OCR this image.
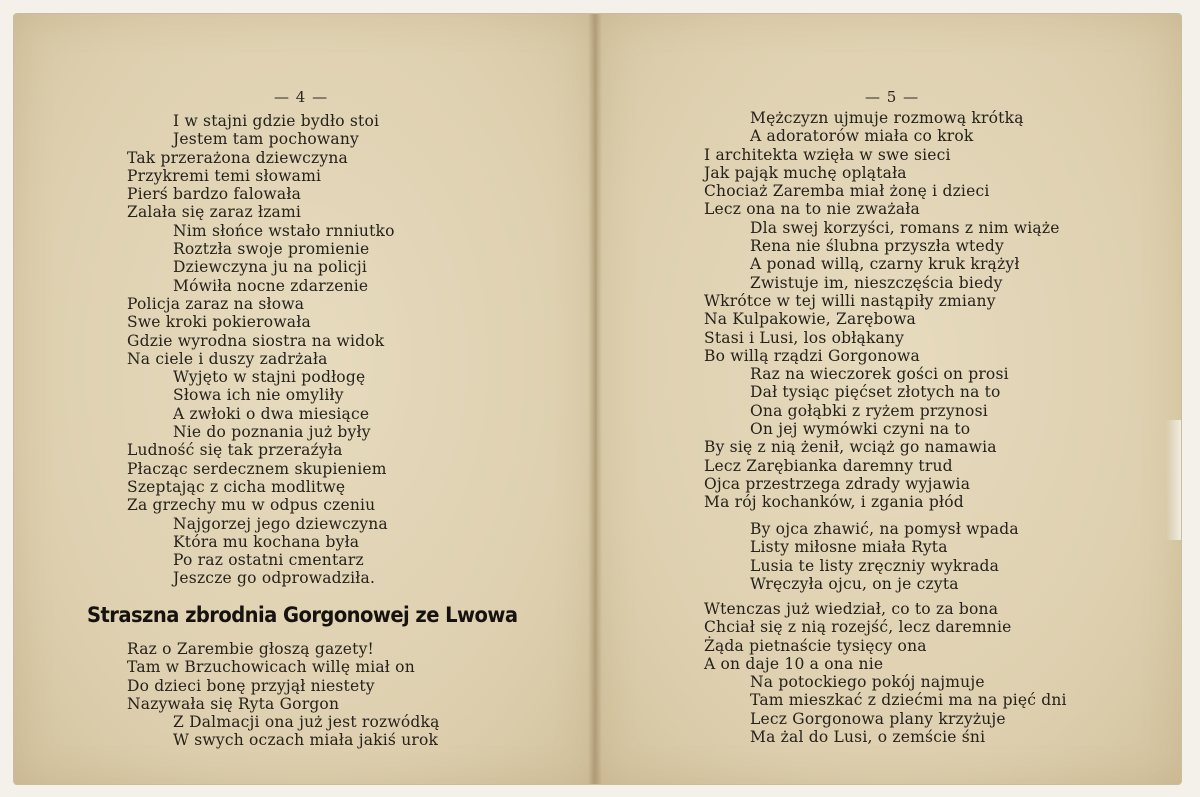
— 4 —
I w stajni gdzie bydło stoi
Jestem tam pochowany
Tak przerażona dziewczyna
Przykremi temi słowami
Pierś bardzo falowała
Zalała się zaraz łzami
Nim słońce wstało rnniutko
Roztzła swoje promienie
Dziewczyna ju na policji
Mówiła nocne zdarzenie
Policja zaraz na słowa
Swe kroki pokierowała
Gdzie wyrodna siostra na widok
Na ciele i duszy zadrżała
Wyjęto w stajni podłogę
Słowa ich nie omyliły
A zwłoki o dwa miesiące
Nie do poznania już były
Ludność się tak przeraźyła
Płacząc serdecznem skupieniem
Szeptając z cicha modlitwę
Za grzechy mu w odpus czeniu
Najgorzej jego dziewczyna
Która mu kochana była
Po raz ostatni cmentarz
Jeszcze go odprowadziła.
Straszna zbrodnia Gorgonowej ze Lwowa
Raz o Zarembie głoszą gazety!
Tam w Brzuchowicach willę miał on
Do dzieci bonę przyjął niestety
Nazywała się Ryta Gorgon
Z Dalmacji ona już jest rozwódką
W swych oczach miała jakiś urok
— 5 —
Mężczyzn ujmuje rozmową krótką
A adoratorów miała co krok
I architekta wzięła w swe sieci
Jak pająk muchę oplątała
Chociaż Zaremba miał żonę i dzieci
Lecz ona na to nie zważała
Dla swej korzyści, romans z nim wiąże
Rena nie ślubna przyszła wtedy
A ponad willą, czarny kruk krążył
Zwistuje im, nieszczęścia biedy
Wkrótce w tej willi nastąpiły zmiany
Na Kulpakowie, Zarębowa
Stasi i Lusi, los obłąkany
Bo willą rządzi Gorgonowa
Raz na wieczorek gości on prosi
Dał tysiąc pięćset złotych na to
Ona gołąbki z ryżem przynosi
On jej wymówki czyni na to
By się z nią żenił, wciąż go namawia
Lecz Zarębianka daremny trud
Ojca przestrzega zdrady wyjawia
Ma rój kochanków, i zgania płód
By ojca zhawić, na pomysł wpada
Listy miłosne miała Ryta
Lusia te listy zręczniy wykrada
Wręczyła ojcu, on je czyta
Wtenczas już wiedział, co to za bona
Chciał się z nią rozejść, lecz daremnie
Żąda pietnaście tysięcy ona
A on daje 10 a ona nie
Na potockiego pokój najmuje
Tam mieszkać z dziećmi ma na pięć dni
Lecz Gorgonowa plany krzyżuje
Ma żal do Lusi, o zemście śni
